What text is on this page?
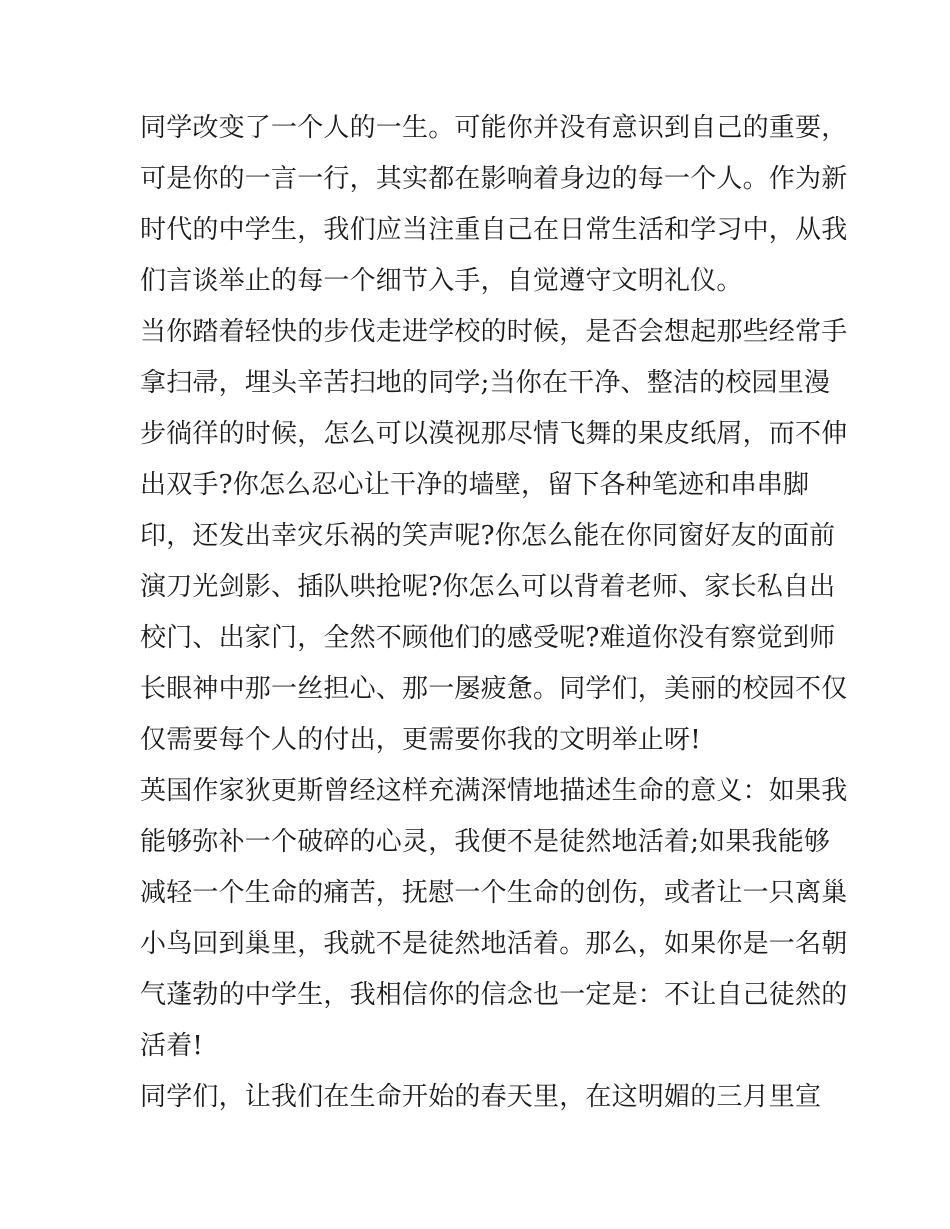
同学改变了一个人的一生。可能你并没有意识到自己的重要，
可是你的一言一行，其实都在影响着身边的每一个人。作为新
时代的中学生，我们应当注重自己在日常生活和学习中，从我
们言谈举止的每一个细节入手，自觉遵守文明礼仪。
当你踏着轻快的步伐走进学校的时候，是否会想起那些经常手
拿扫帚，埋头辛苦扫地的同学;当你在干净、整洁的校园里漫
步徜徉的时候，怎么可以漠视那尽情飞舞的果皮纸屑，而不伸
出双手?你怎么忍心让干净的墙壁，留下各种笔迹和串串脚
印，还发出幸灾乐祸的笑声呢?你怎么能在你同窗好友的面前
演刀光剑影、插队哄抢呢?你怎么可以背着老师、家长私自出
校门、出家门，全然不顾他们的感受呢?难道你没有察觉到师
长眼神中那一丝担心、那一屡疲惫。同学们，美丽的校园不仅
仅需要每个人的付出，更需要你我的文明举止呀!
英国作家狄更斯曾经这样充满深情地描述生命的意义：如果我
能够弥补一个破碎的心灵，我便不是徒然地活着;如果我能够
减轻一个生命的痛苦，抚慰一个生命的创伤，或者让一只离巢
小鸟回到巢里，我就不是徒然地活着。那么，如果你是一名朝
气蓬勃的中学生，我相信你的信念也一定是：不让自己徒然的
活着!
同学们，让我们在生命开始的春天里，在这明媚的三月里宣
